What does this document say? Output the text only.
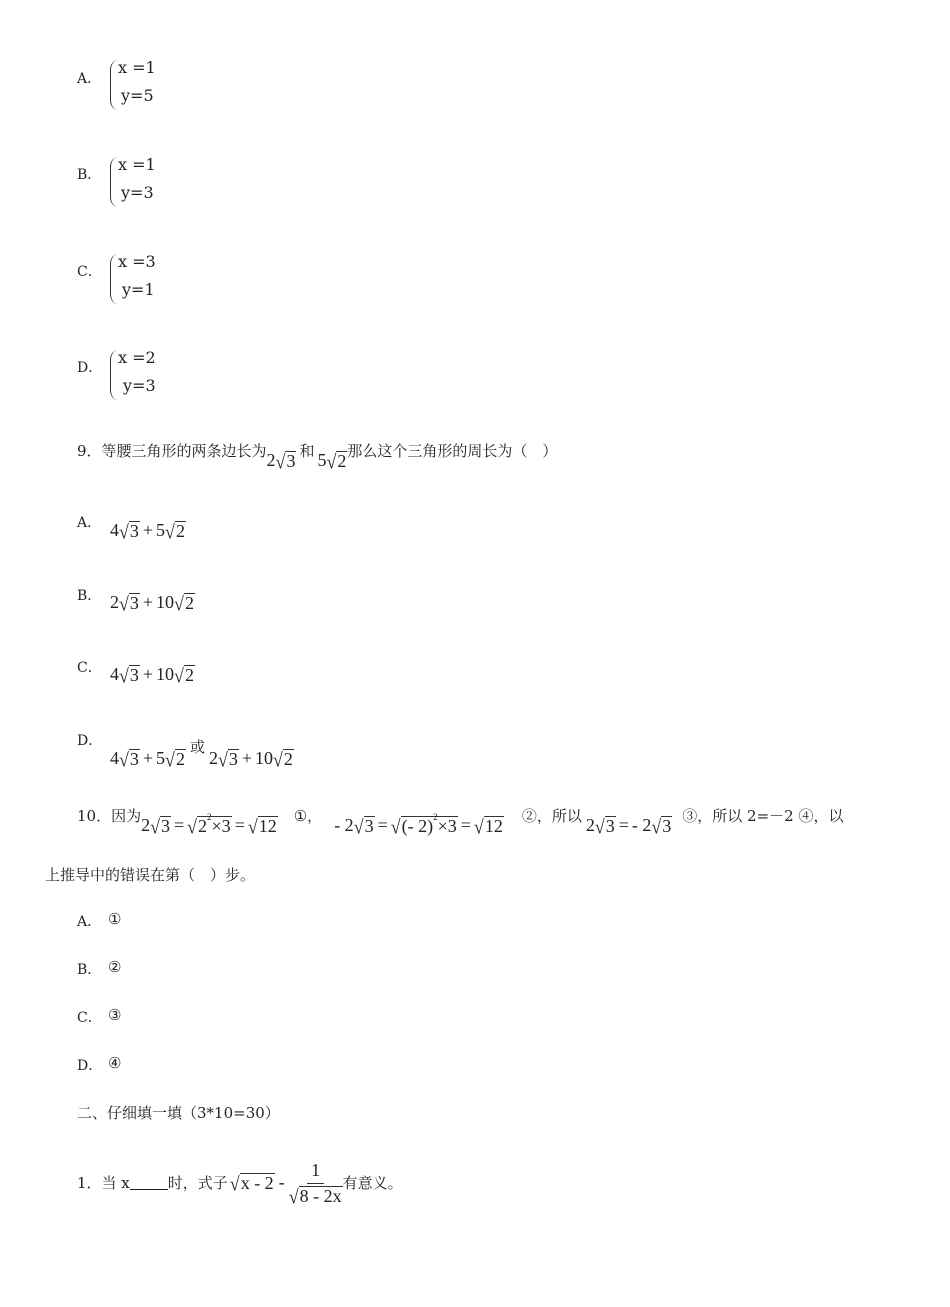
A．
x =1
y=5
B．
x =1
y=3
C．
x =3
y=1
D．
x =2
y=3
9．等腰三角形的两条边长为 2 √ 3
和 5 √ 2
那么这个三角形的周长为（　）
A． 4 √ 3 + 5 √ 2
B． 2 √ 3 + 10 √ 2
C． 4 √ 3 + 10 √ 2
D．
4 √ 3 + 5 √ 2
或
2 √ 3 + 10 √ 2
10．因为 2 √ 3 = √ $2^2\times 3$ = √ 12
①， - 2 √ 3 = √ (- 2)$^2$×3 = √ 12
②，所以 2 √ 3 = - 2 √ 3
③，所以 2=－2 ④，以
上推导中的错误在第（　）步。
A． ①
B． ②
C． ③
D． ④
二、仔细填一填（3*10=30）
1．当 x	时，式子 √ x - $2 - \frac{1}{√ 8 - 2x}$ 有意义。
